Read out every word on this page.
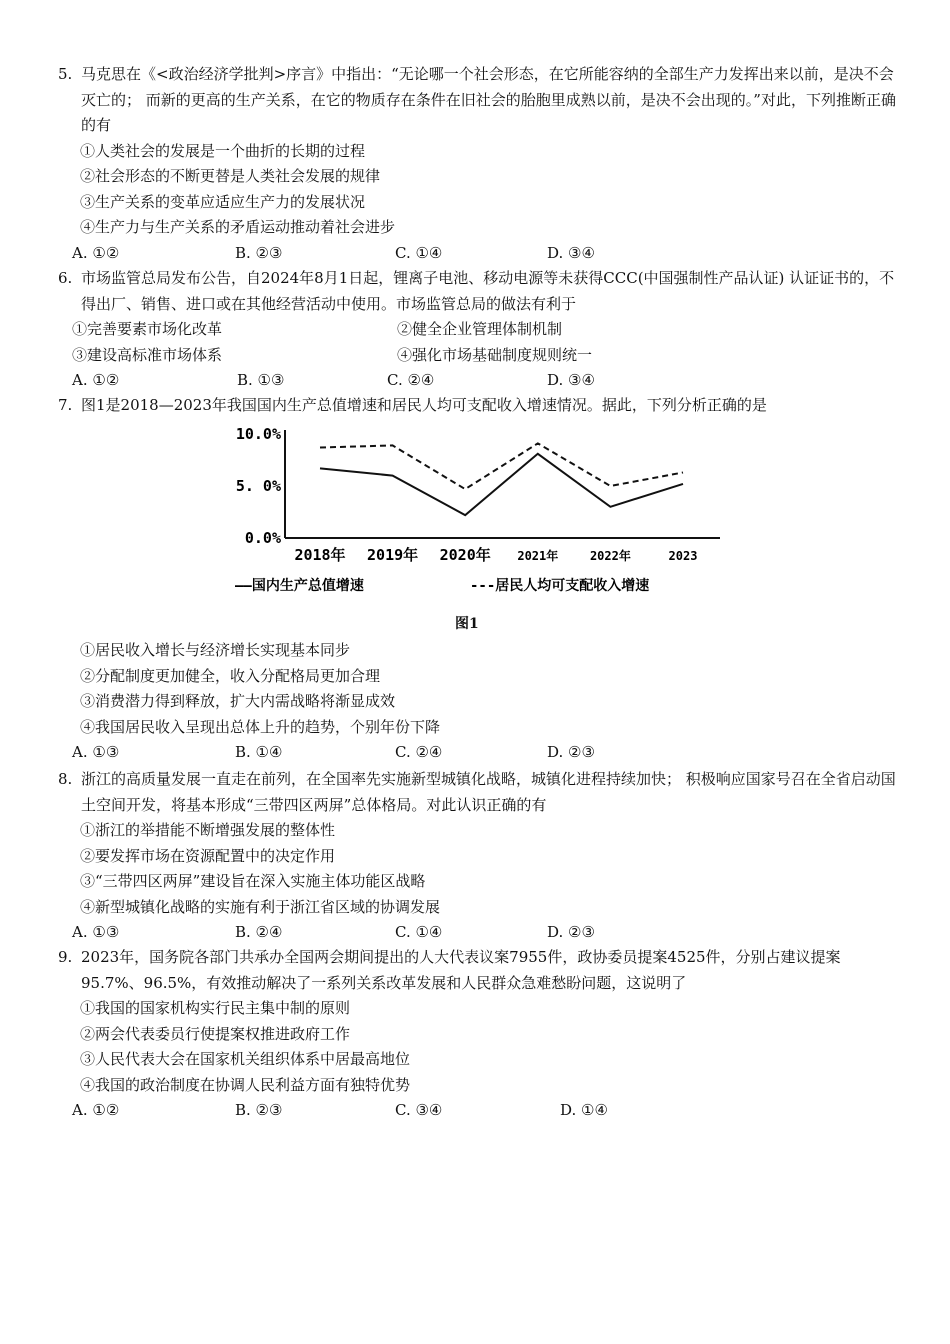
5. 马克思在《<政治经济学批判>序言》中指出：“无论哪一个社会形态，在它所能容纳的全部生产力发挥出来以前，是决不会灭亡的； 而新的更高的生产关系，在它的物质存在条件在旧社会的胎胞里成熟以前，是决不会出现的。”对此，下列推断正确的有
①人类社会的发展是一个曲折的长期的过程
②社会形态的不断更替是人类社会发展的规律
③生产关系的变革应适应生产力的发展状况
④生产力与生产关系的矛盾运动推动着社会进步
A. ①②	B. ②③	C. ①④	D. ③④
6. 市场监管总局发布公告，自2024年8月1日起，锂离子电池、移动电源等未获得CCC(中国强制性产品认证) 认证证书的，不得出厂、销售、进口或在其他经营活动中使用。市场监管总局的做法有利于
①完善要素市场化改革	②健全企业管理体制机制
③建设高标准市场体系	④强化市场基础制度规则统一
A. ①②	B. ①③	C. ②④	D. ③④
7. 图1是2018—2023年我国国内生产总值增速和居民人均可支配收入增速情况。据此，下列分析正确的是
10.0%
5. 0%
0.0%
2018年 2019年 2020年 2021年	2022年	2023
——国内生产总值增速	---居民人均可支配收入增速
图1
①居民收入增长与经济增长实现基本同步
②分配制度更加健全，收入分配格局更加合理
③消费潜力得到释放，扩大内需战略将渐显成效
④我国居民收入呈现出总体上升的趋势，个别年份下降
A. ①③	B. ①④	C. ②④	D. ②③
8. 浙江的高质量发展一直走在前列，在全国率先实施新型城镇化战略，城镇化进程持续加快； 积极响应国家号召在全省启动国土空间开发，将基本形成“三带四区两屏”总体格局。对此认识正确的有
①浙江的举措能不断增强发展的整体性
②要发挥市场在资源配置中的决定作用
③“三带四区两屏”建设旨在深入实施主体功能区战略
④新型城镇化战略的实施有利于浙江省区域的协调发展
A. ①③	B. ②④	C. ①④	D. ②③
9. 2023年，国务院各部门共承办全国两会期间提出的人大代表议案7955件，政协委员提案4525件，分别占建议提案95.7%、96.5%，有效推动解决了一系列关系改革发展和人民群众急难愁盼问题，这说明了
①我国的国家机构实行民主集中制的原则
②两会代表委员行使提案权推进政府工作
③人民代表大会在国家机关组织体系中居最高地位
④我国的政治制度在协调人民利益方面有独特优势
A. ①②	B. ②③	C. ③④	D. ①④
